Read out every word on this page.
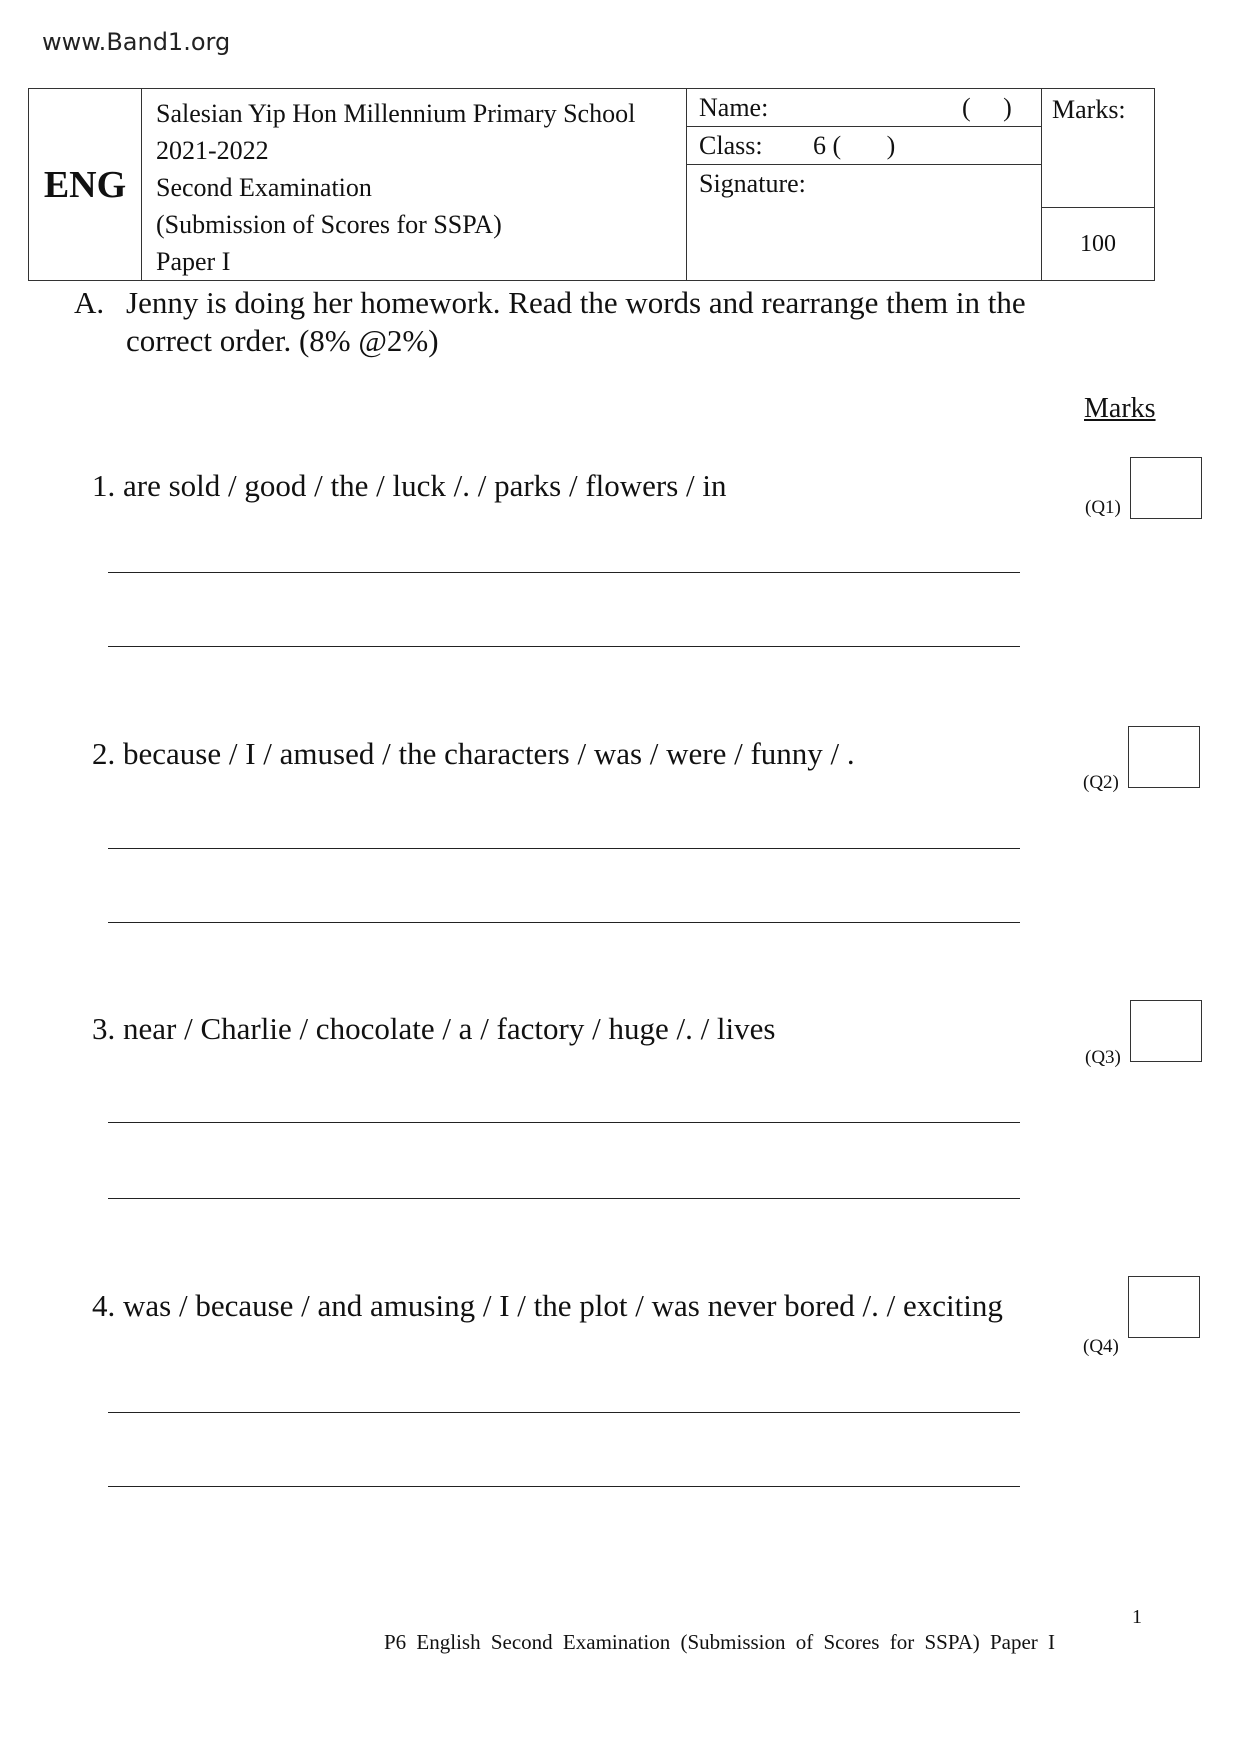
www.Band1.org
ENG	
Salesian Yip Hon Millennium Primary School
2021-2022
Second Examination
(Submission of Scores for SSPA)
Paper I

Name:	(     )
Class: 6 (       )
Signature:

Marks:
100
A. Jenny is doing her homework. Read the words and rearrange them in the correct order. (8% @2%)
Marks
1. are sold / good / the / luck /. / parks / flowers / in
(Q1)
2. because / I / amused / the characters / was / were / funny / .
(Q2)
3. near / Charlie / chocolate / a / factory / huge /. / lives
(Q3)
4. was / because / and amusing / I / the plot / was never bored /. / exciting
(Q4)
1
P6 English Second Examination (Submission of Scores for SSPA) Paper I
